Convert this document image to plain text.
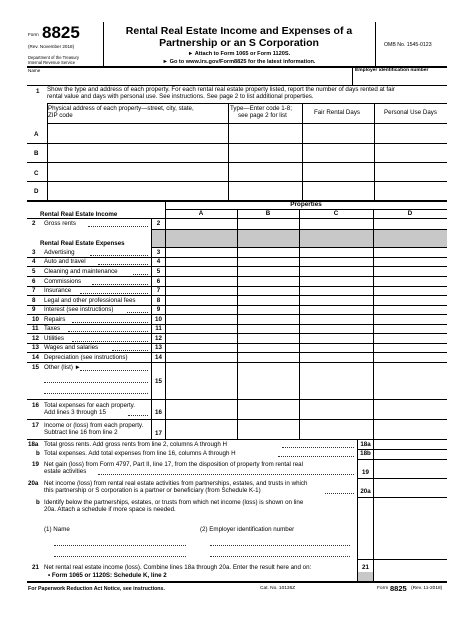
Form 8825
(Rev. November 2018)
Department of the Treasury
Internal Revenue Service
Rental Real Estate Income and Expenses of a
Partnership or an S Corporation
► Attach to Form 1065 or Form 1120S.
► Go to www.irs.gov/Form8825 for the latest information.
OMB No. 1545-0123
Name	Employer identification number
1 Show the type and address of each property. For each rental real estate property listed, report the number of days rented at fair
rental value and days with personal use. See instructions. See page 2 to list additional properties.
Physical address of each property—street, city, state,
ZIP code
Type—Enter code 1-8;
see page 2 for list	Fair Rental Days	Personal Use Days
A
B
C
D
Properties
A	B	C	D
Rental Real Estate Income
Rental Real Estate Expenses
2 Gross rents	2
3 Advertising	3
4 Auto and travel	4
5 Cleaning and maintenance	5
6 Commissions	6
7 Insurance	7
8 Legal and other professional fees	8
9 Interest (see instructions)	9
10 Repairs	10
11 Taxes	11
12 Utilities	12
13 Wages and salaries	13
14 Depreciation (see instructions)	14
15 Other (list) ►
15
16 Total expenses for each property.
Add lines 3 through 15	16
17 Income or (loss) from each property.
Subtract line 16 from line 2	17
18a Total gross rents. Add gross rents from line 2, columns A through H	18a
b Total expenses. Add total expenses from line 16, columns A through H	18b
19 Net gain (loss) from Form 4797, Part II, line 17, from the disposition of property from rental real
estate activities	19
20a Net income (loss) from rental real estate activities from partnerships, estates, and trusts in which
this partnership or S corporation is a partner or beneficiary (from Schedule K-1)	20a
b Identify below the partnerships, estates, or trusts from which net income (loss) is shown on line
20a. Attach a schedule if more space is needed.
(1) Name	(2) Employer identification number
21 Net rental real estate income (loss). Combine lines 18a through 20a. Enter the result here and on:	21
• Form 1065 or 1120S: Schedule K, line 2
For Paperwork Reduction Act Notice, see instructions.	Cat. No. 10136Z	Form 8825 (Rev. 11-2018)
